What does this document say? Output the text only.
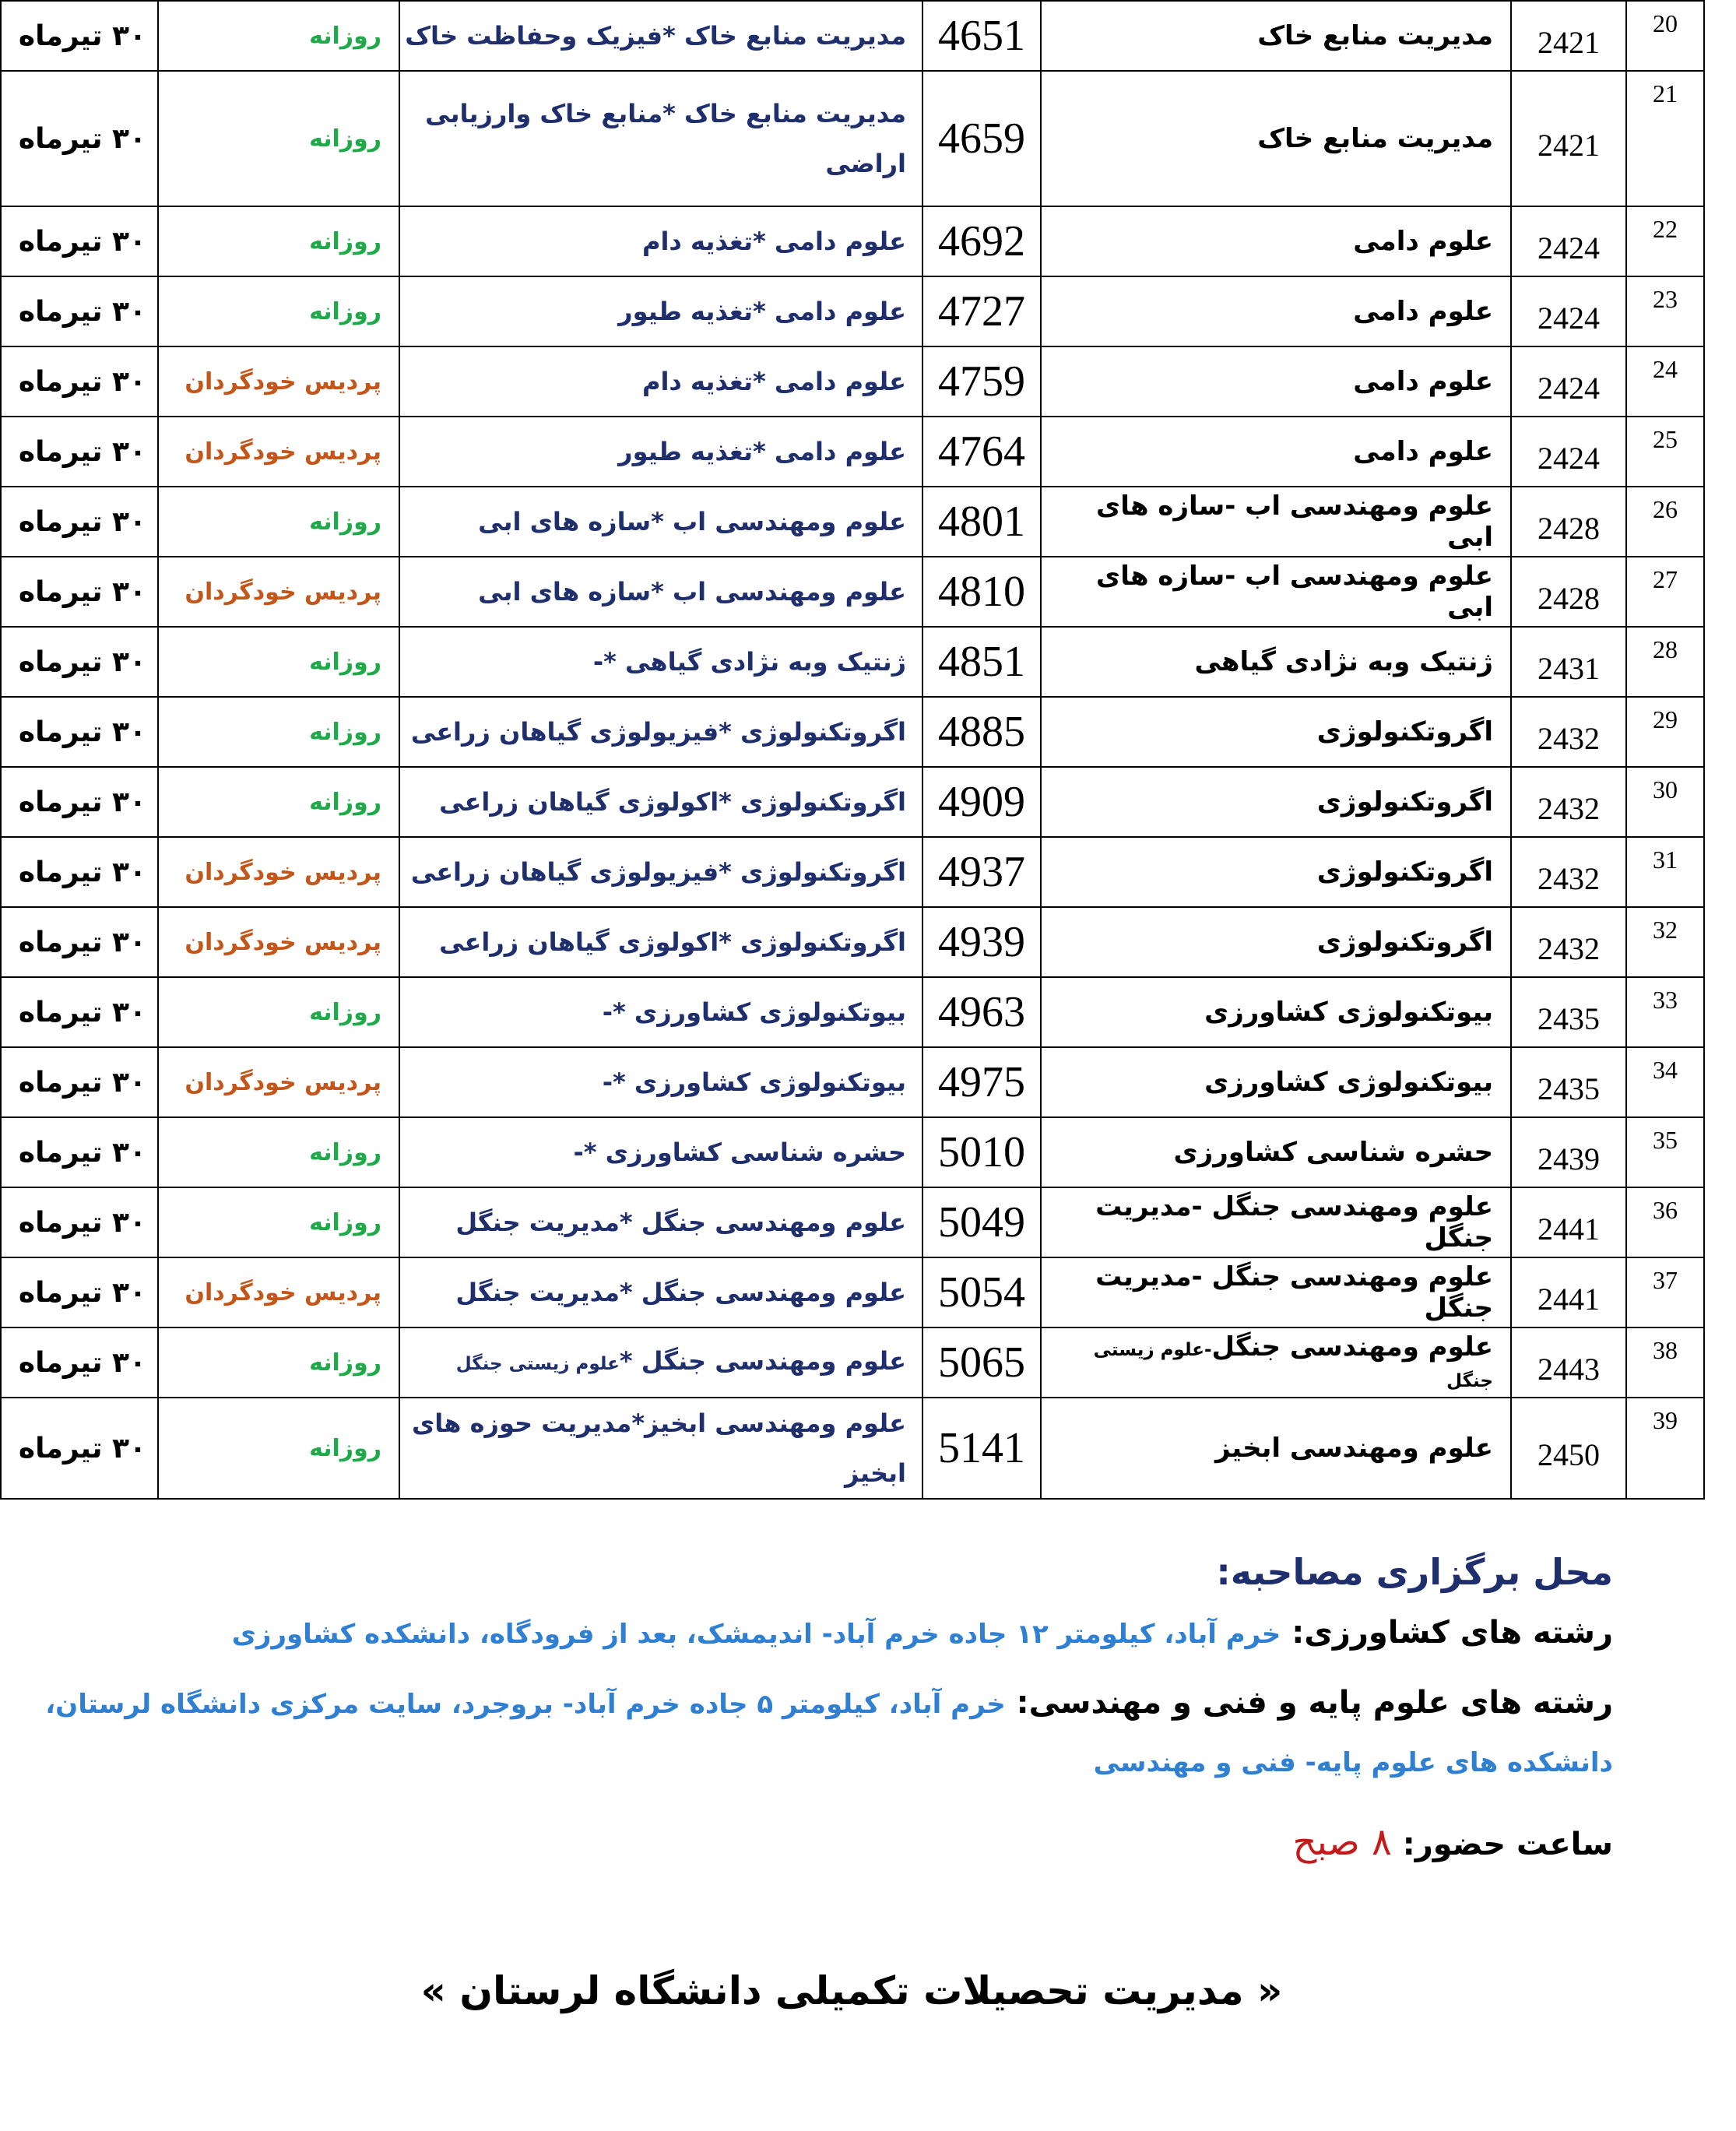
20	2421	مدیریت منابع خاک	4651	مدیریت منابع خاک *فیزیک وحفاظت خاک	روزانه	۳۰ تیرماه
21	2421	مدیریت منابع خاک	4659	مدیریت منابع خاک *منابع خاک وارزیابی اراضی	روزانه	۳۰ تیرماه
22	2424	علوم دامی	4692	علوم دامی *تغذیه دام	روزانه	۳۰ تیرماه
23	2424	علوم دامی	4727	علوم دامی *تغذیه طیور	روزانه	۳۰ تیرماه
24	2424	علوم دامی	4759	علوم دامی *تغذیه دام	پردیس خودگردان	۳۰ تیرماه
25	2424	علوم دامی	4764	علوم دامی *تغذیه طیور	پردیس خودگردان	۳۰ تیرماه
26	2428	علوم ومهندسی اب -سازه های ابی	4801	علوم ومهندسی اب *سازه های ابی	روزانه	۳۰ تیرماه
27	2428	علوم ومهندسی اب -سازه های ابی	4810	علوم ومهندسی اب *سازه های ابی	پردیس خودگردان	۳۰ تیرماه
28	2431	ژنتیک وبه نژادی گیاهی	4851	ژنتیک وبه نژادی گیاهی *-	روزانه	۳۰ تیرماه
29	2432	اگروتکنولوژی	4885	اگروتکنولوژی *فیزیولوژی گیاهان زراعی	روزانه	۳۰ تیرماه
30	2432	اگروتکنولوژی	4909	اگروتکنولوژی *اکولوژی گیاهان زراعی	روزانه	۳۰ تیرماه
31	2432	اگروتکنولوژی	4937	اگروتکنولوژی *فیزیولوژی گیاهان زراعی	پردیس خودگردان	۳۰ تیرماه
32	2432	اگروتکنولوژی	4939	اگروتکنولوژی *اکولوژی گیاهان زراعی	پردیس خودگردان	۳۰ تیرماه
33	2435	بیوتکنولوژی کشاورزی	4963	بیوتکنولوژی کشاورزی *-	روزانه	۳۰ تیرماه
34	2435	بیوتکنولوژی کشاورزی	4975	بیوتکنولوژی کشاورزی *-	پردیس خودگردان	۳۰ تیرماه
35	2439	حشره شناسی کشاورزی	5010	حشره شناسی کشاورزی *-	روزانه	۳۰ تیرماه
36	2441	علوم ومهندسی جنگل -مدیریت جنگل	5049	علوم ومهندسی جنگل *مدیریت جنگل	روزانه	۳۰ تیرماه
37	2441	علوم ومهندسی جنگل -مدیریت جنگل	5054	علوم ومهندسی جنگل *مدیریت جنگل	پردیس خودگردان	۳۰ تیرماه
38	2443	علوم ومهندسی جنگل-علوم زیستی جنگل	5065	علوم ومهندسی جنگل *علوم زیستی جنگل	روزانه	۳۰ تیرماه
39	2450	علوم ومهندسی ابخیز	5141	علوم ومهندسی ابخیز*مدیریت حوزه های ابخیز	روزانه	۳۰ تیرماه
محل برگزاری مصاحبه:
رشته های کشاورزی: خرم آباد، کیلومتر ۱۲ جاده خرم آباد- اندیمشک، بعد از فرودگاه، دانشکده کشاورزی
رشته های علوم پایه و فنی و مهندسی: خرم آباد، کیلومتر ۵ جاده خرم آباد- بروجرد، سایت مرکزی دانشگاه لرستان،
دانشکده های علوم پایه- فنی و مهندسی
ساعت حضور: ۸ صبح
« مدیریت تحصیلات تکمیلی دانشگاه لرستان »
